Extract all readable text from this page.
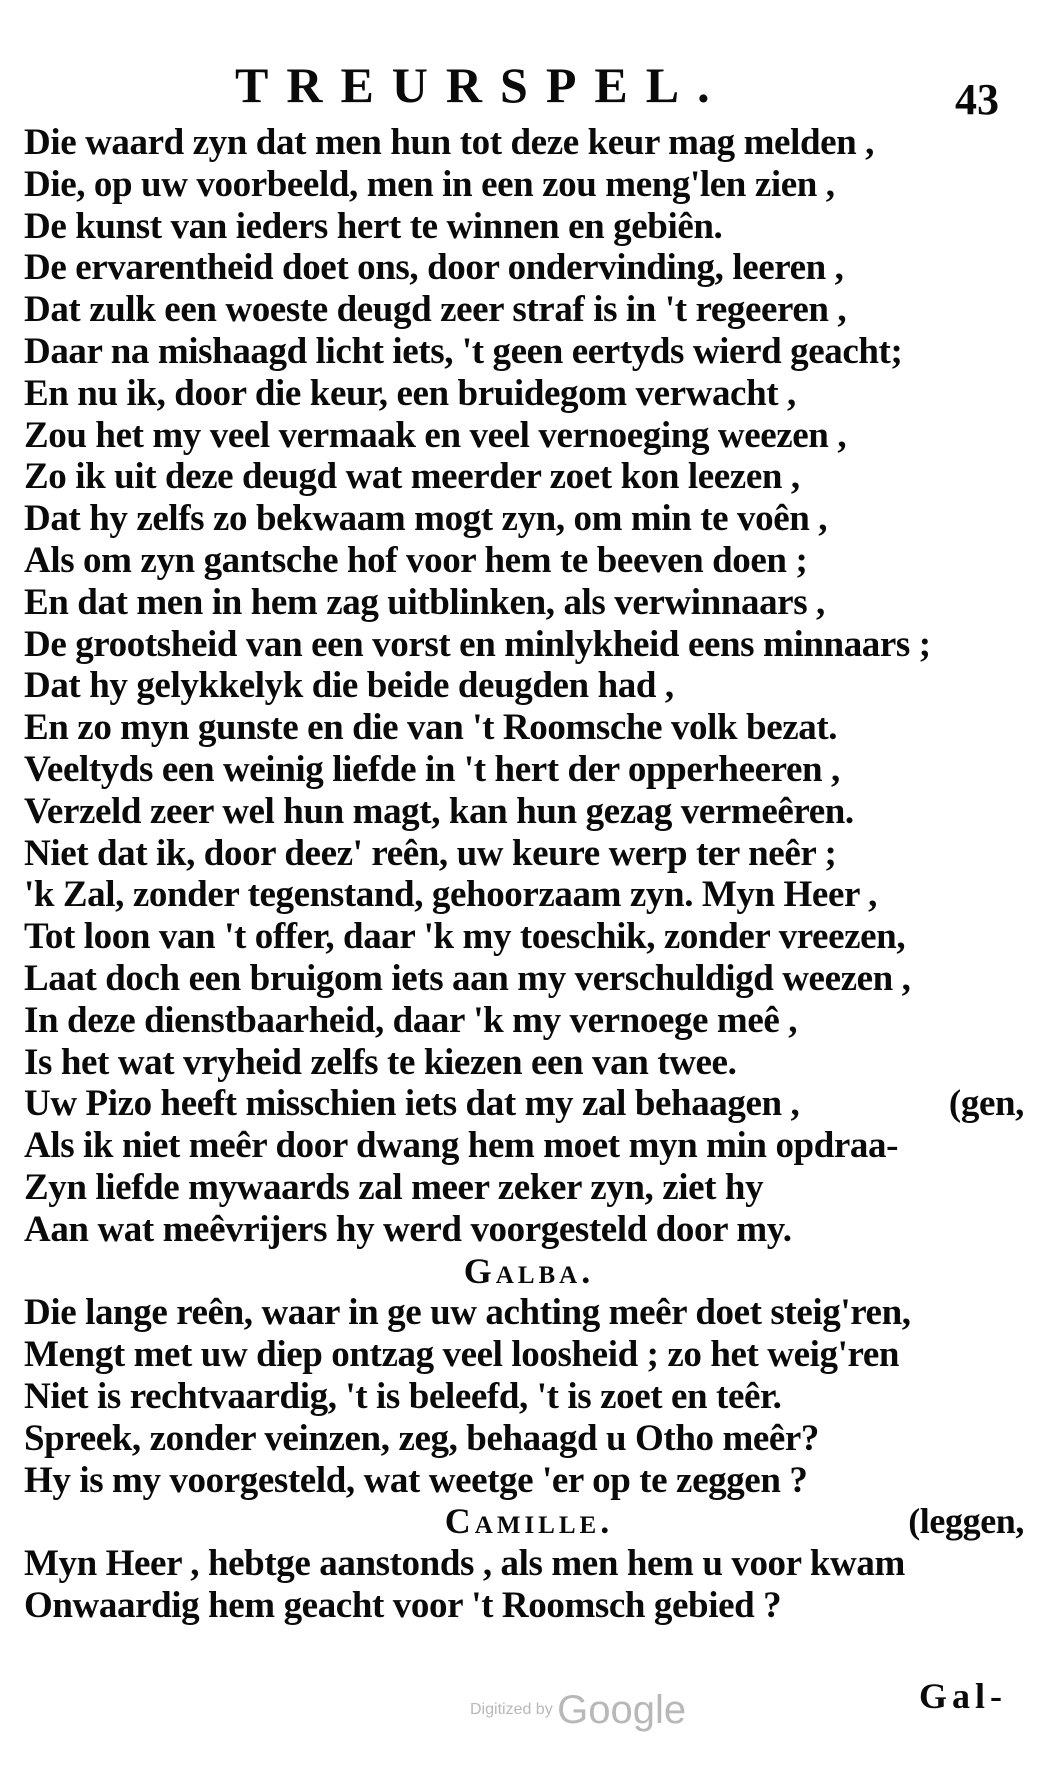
TREURSPEL.	43
Die waard zyn dat men hun tot deze keur mag melden ,
Die, op uw voorbeeld, men in een zou meng'len zien ,
De kunst van ieders hert te winnen en gebiên.
De ervarentheid doet ons, door ondervinding, leeren ,
Dat zulk een woeste deugd zeer straf is in 't regeeren ,
Daar na mishaagd licht iets, 't geen eertyds wierd geacht;
En nu ik, door die keur, een bruidegom verwacht ,
Zou het my veel vermaak en veel vernoeging weezen ,
Zo ik uit deze deugd wat meerder zoet kon leezen ,
Dat hy zelfs zo bekwaam mogt zyn, om min te voên ,
Als om zyn gantsche hof voor hem te beeven doen ;
En dat men in hem zag uitblinken, als verwinnaars ,
De grootsheid van een vorst en minlykheid eens minnaars ;
Dat hy gelykkelyk die beide deugden had ,
En zo myn gunste en die van 't Roomsche volk bezat.
Veeltyds een weinig liefde in 't hert der opperheeren ,
Verzeld zeer wel hun magt, kan hun gezag vermeêren.
Niet dat ik, door deez' reên, uw keure werp ter neêr ;
'k Zal, zonder tegenstand, gehoorzaam zyn. Myn Heer ,
Tot loon van 't offer, daar 'k my toeschik, zonder vreezen,
Laat doch een bruigom iets aan my verschuldigd weezen ,
In deze dienstbaarheid, daar 'k my vernoege meê ,
Is het wat vryheid zelfs te kiezen een van twee.
Uw Pizo heeft misschien iets dat my zal behaagen ,	(gen,
Als ik niet meêr door dwang hem moet myn min opdraa-
Zyn liefde mywaards zal meer zeker zyn, ziet hy
Aan wat meêvrijers hy werd voorgesteld door my.
Galba.
Die lange reên, waar in ge uw achting meêr doet steig'ren,
Mengt met uw diep ontzag veel loosheid ; zo het weig'ren
Niet is rechtvaardig, 't is beleefd, 't is zoet en teêr.
Spreek, zonder veinzen, zeg, behaagd u Otho meêr?
Hy is my voorgesteld, wat weetge 'er op te zeggen ?
Camille.	(leggen,
Myn Heer , hebtge aanstonds , als men hem u voor kwam
Onwaardig hem geacht voor 't Roomsch gebied ?
Gal-
Digitized by Google
